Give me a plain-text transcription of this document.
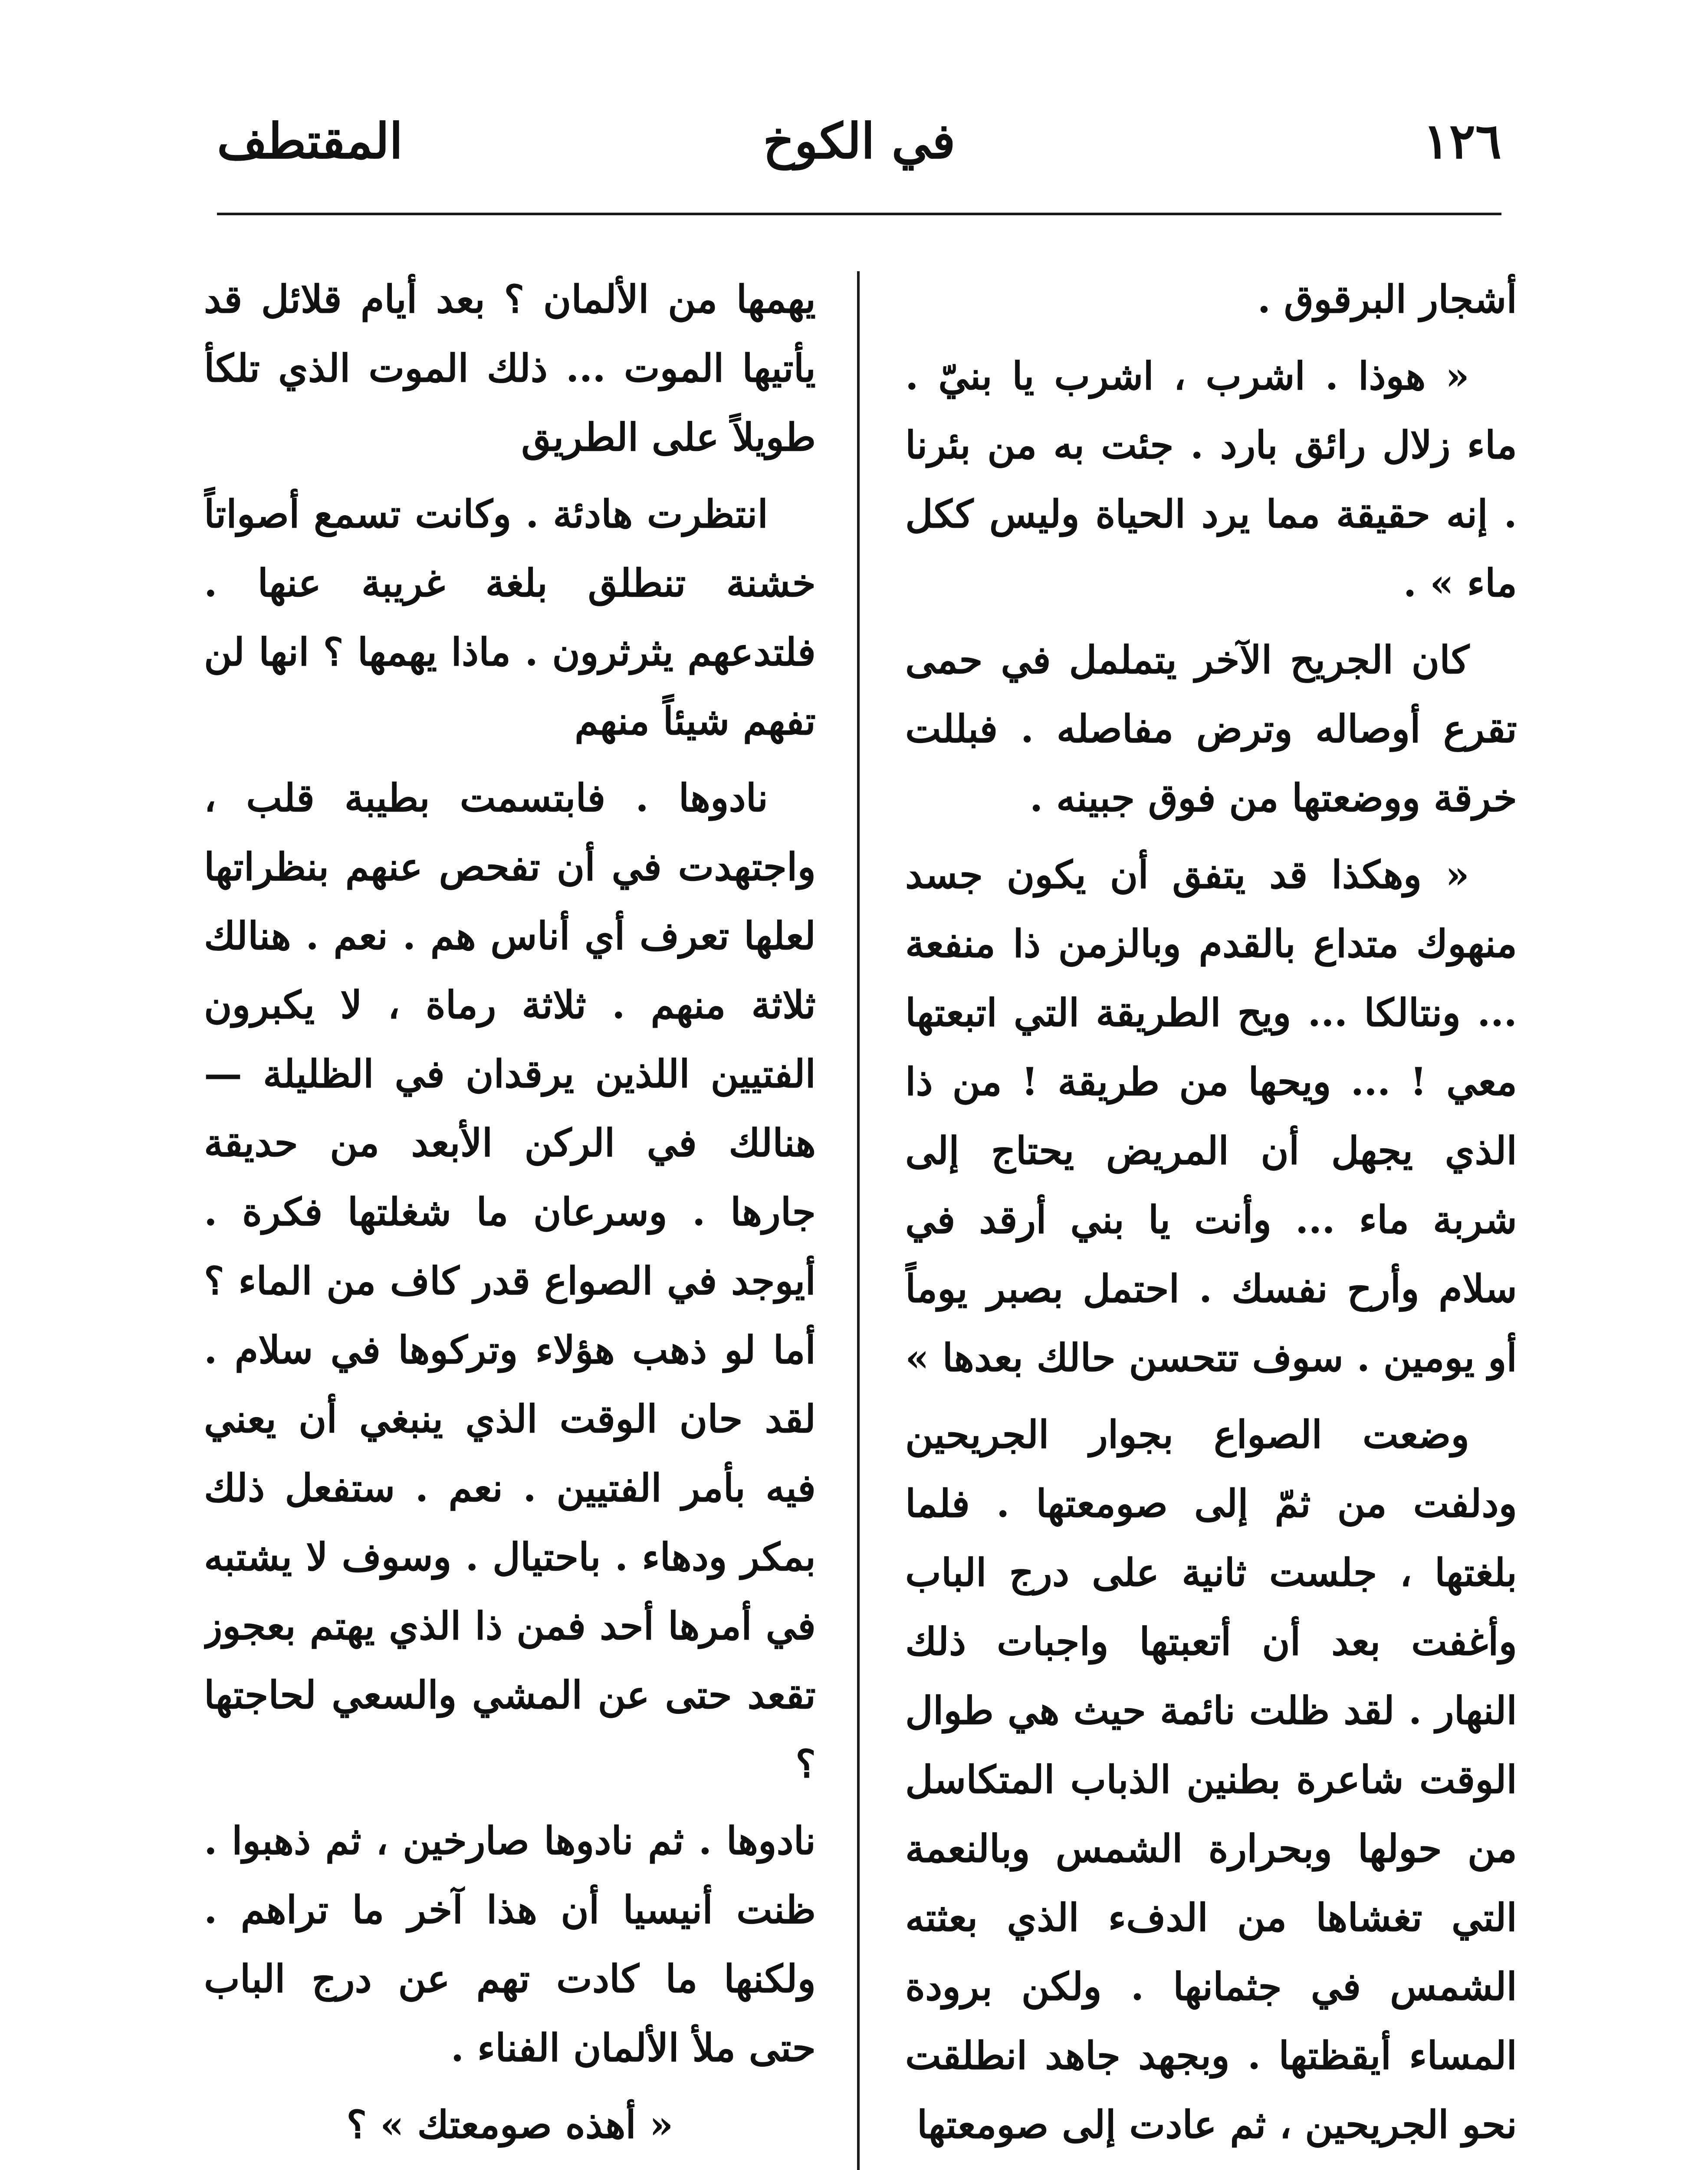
١٢٦
في الكوخ
المقتطف

أشجار البرقوق .

« هوذا . اشرب ، اشرب يا بنيّ . ماء زلال رائق بارد . جئت به من بئرنا . إنه حقيقة مما يرد الحياة وليس ككل ماء » .

كان الجريح الآخر يتململ في حمى تقرع أوصاله وترض مفاصله . فبللت خرقة ووضعتها من فوق جبينه .

« وهكذا قد يتفق أن يكون جسد منهوك متداع بالقدم وبالزمن ذا منفعة ... ونتالكا ... ويح الطريقة التي اتبعتها معي ! ... ويحها من طريقة ! من ذا الذي يجهل أن المريض يحتاج إلى شربة ماء ... وأنت يا بني أرقد في سلام وأرح نفسك . احتمل بصبر يوماً أو يومين . سوف تتحسن حالك بعدها »

وضعت الصواع بجوار الجريحين ودلفت من ثمّ إلى صومعتها . فلما بلغتها ، جلست ثانية على درج الباب وأغفت بعد أن أتعبتها واجبات ذلك النهار . لقد ظلت نائمة حيث هي طوال الوقت شاعرة بطنين الذباب المتكاسل من حولها وبحرارة الشمس وبالنعمة التي تغشاها من الدفء الذي بعثته الشمس في جثمانها . ولكن برودة المساء أيقظتها . وبجهد جاهد انطلقت نحو الجريحين ، ثم عادت إلى صومعتها

يهمها من الألمان ؟ بعد أيام قلائل قد يأتيها الموت ... ذلك الموت الذي تلكأ طويلاً على الطريق

انتظرت هادئة . وكانت تسمع أصواتاً خشنة تنطلق بلغة غريبة عنها . فلتدعهم يثرثرون . ماذا يهمها ؟ انها لن تفهم شيئاً منهم

نادوها . فابتسمت بطيبة قلب ، واجتهدت في أن تفحص عنهم بنظراتها لعلها تعرف أي أناس هم . نعم . هنالك ثلاثة منهم . ثلاثة رماة ، لا يكبرون الفتيين اللذين يرقدان في الظليلة — هنالك في الركن الأبعد من حديقة جارها . وسرعان ما شغلتها فكرة . أيوجد في الصواع قدر كاف من الماء ؟ أما لو ذهب هؤلاء وتركوها في سلام . لقد حان الوقت الذي ينبغي أن يعني فيه بأمر الفتيين . نعم . ستفعل ذلك بمكر ودهاء . باحتيال . وسوف لا يشتبه في أمرها أحد فمن ذا الذي يهتم بعجوز تقعد حتى عن المشي والسعي لحاجتها ؟

نادوها . ثم نادوها صارخين ، ثم ذهبوا . ظنت أنيسيا أن هذا آخر ما تراهم . ولكنها ما كادت تهم عن درج الباب حتى ملأ الألمان الفناء .

« أهذه صومعتك » ؟
